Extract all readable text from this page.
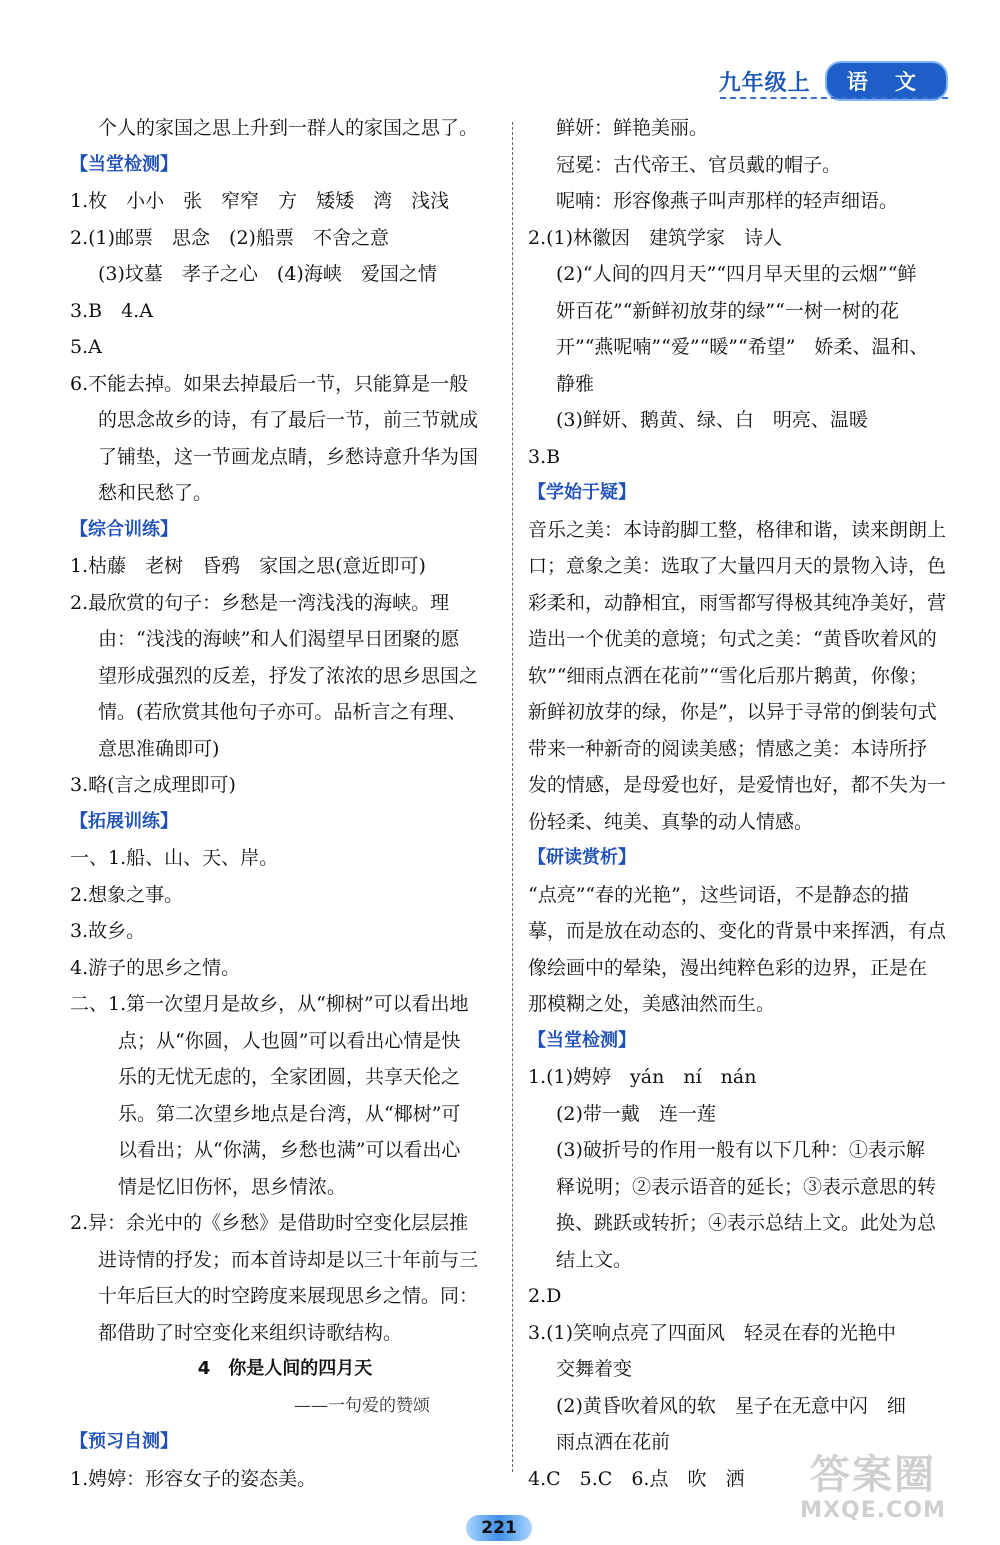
九年级上	语 文
个人的家国之思上升到一群人的家国之思了。
【当堂检测】
1.枚　小小　张　窄窄　方　矮矮　湾　浅浅
2.(1)邮票　思念　(2)船票　不舍之意
(3)坟墓　孝子之心　(4)海峡　爱国之情
3.B　4.A
5.A
6.不能去掉。如果去掉最后一节，只能算是一般
的思念故乡的诗，有了最后一节，前三节就成
了铺垫，这一节画龙点睛，乡愁诗意升华为国
愁和民愁了。
【综合训练】
1.枯藤　老树　昏鸦　家国之思(意近即可)
2.最欣赏的句子：乡愁是一湾浅浅的海峡。理
由：“浅浅的海峡”和人们渴望早日团聚的愿
望形成强烈的反差，抒发了浓浓的思乡思国之
情。(若欣赏其他句子亦可。品析言之有理、
意思准确即可)
3.略(言之成理即可)
【拓展训练】
一、1.船、山、天、岸。
2.想象之事。
3.故乡。
4.游子的思乡之情。
二、1.第一次望月是故乡，从“柳树”可以看出地
点；从“你圆，人也圆”可以看出心情是快
乐的无忧无虑的，全家团圆，共享天伦之
乐。第二次望乡地点是台湾，从“椰树”可
以看出；从“你满，乡愁也满”可以看出心
情是忆旧伤怀，思乡情浓。
2.异：余光中的《乡愁》是借助时空变化层层推
进诗情的抒发；而本首诗却是以三十年前与三
十年后巨大的时空跨度来展现思乡之情。同：
都借助了时空变化来组织诗歌结构。
4　你是人间的四月天
——一句爱的赞颂
【预习自测】
1.娉婷：形容女子的姿态美。
鲜妍：鲜艳美丽。
冠冕：古代帝王、官员戴的帽子。
呢喃：形容像燕子叫声那样的轻声细语。
2.(1)林徽因　建筑学家　诗人
(2)“人间的四月天”“四月早天里的云烟”“鲜
妍百花”“新鲜初放芽的绿”“一树一树的花
开”“燕呢喃”“爱”“暖”“希望”　娇柔、温和、
静雅
(3)鲜妍、鹅黄、绿、白　明亮、温暖
3.B
【学始于疑】
音乐之美：本诗韵脚工整，格律和谐，读来朗朗上
口；意象之美：选取了大量四月天的景物入诗，色
彩柔和，动静相宜，雨雪都写得极其纯净美好，营
造出一个优美的意境；句式之美：“黄昏吹着风的
软”“细雨点洒在花前”“雪化后那片鹅黄，你像；
新鲜初放芽的绿，你是”，以异于寻常的倒装句式
带来一种新奇的阅读美感；情感之美：本诗所抒
发的情感，是母爱也好，是爱情也好，都不失为一
份轻柔、纯美、真挚的动人情感。
【研读赏析】
“点亮”“春的光艳”，这些词语，不是静态的描
摹，而是放在动态的、变化的背景中来挥洒，有点
像绘画中的晕染，漫出纯粹色彩的边界，正是在
那模糊之处，美感油然而生。
【当堂检测】
1.(1)娉婷　yán　ní　nán
(2)带一戴　连一莲
(3)破折号的作用一般有以下几种：①表示解
释说明；②表示语音的延长；③表示意思的转
换、跳跃或转折；④表示总结上文。此处为总
结上文。
2.D
3.(1)笑响点亮了四面风　轻灵在春的光艳中
交舞着变
(2)黄昏吹着风的软　星子在无意中闪　细
雨点洒在花前
4.C　5.C　6.点　吹　洒
221
答案圈
MXQE.COM
